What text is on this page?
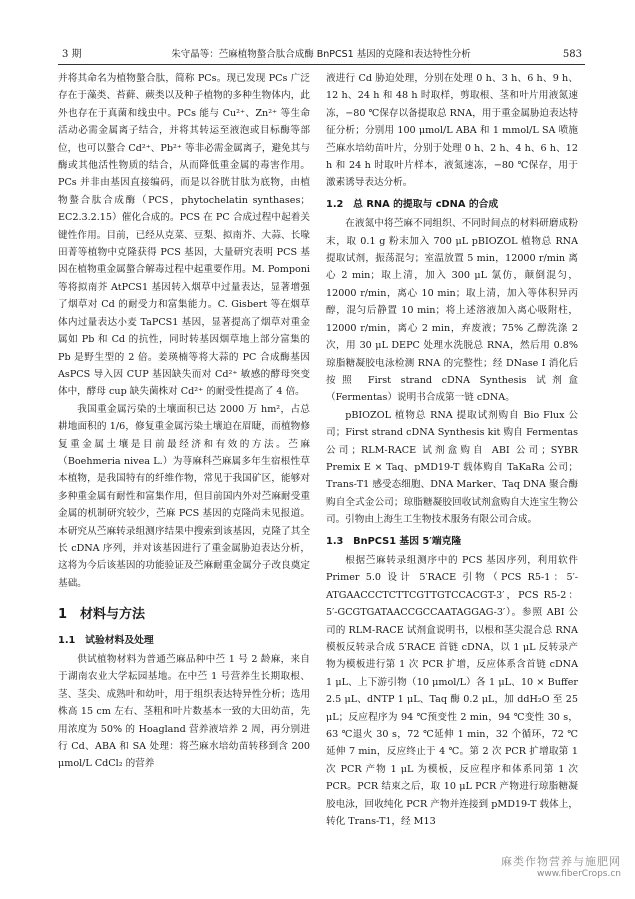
3 期	朱守晶等：苎麻植物螯合肽合成酶 BnPCS1 基因的克隆和表达特性分析	583

并将其命名为植物螯合肽，简称 PCs。现已发现 PCs 广泛存在于藻类、苔藓、蕨类以及种子植物的多种生物体内，此外也存在于真菌和线虫中。PCs 能与 Cu²⁺、Zn²⁺ 等生命活动必需金属离子结合，并将其转运至液泡或目标酶等部位，也可以螯合 Cd²⁺、Pb²⁺ 等非必需金属离子，避免其与酶或其他活性物质的结合，从而降低重金属的毒害作用。PCs 并非由基因直接编码，而是以谷胱甘肽为底物，由植物螯合肽合成酶（PCS，phytochelatin synthases；EC2.3.2.15）催化合成的。PCS 在 PC 合成过程中起着关键性作用。目前，已经从克菜、豆梨、拟南芥、大蒜、长喙田菁等植物中克隆获得 PCS 基因，大量研究表明 PCS 基因在植物重金属螯合解毒过程中起重要作用。M. Pomponi 等将拟南芥 AtPCS1 基因转入烟草中过量表达，显著增强了烟草对 Cd 的耐受力和富集能力。C. Gisbert 等在烟草体内过量表达小麦 TaPCS1 基因，显著提高了烟草对重金属如 Pb 和 Cd 的抗性，同时转基因烟草地上部分富集的 Pb 是野生型的 2 倍。姜瑛楠等将大蒜的 PC 合成酶基因 AsPCS 导入因 CUP 基因缺失而对 Cd²⁺ 敏感的酵母突变体中，酵母 cup 缺失菌株对 Cd²⁺ 的耐受性提高了 4 倍。

我国重金属污染的土壤面积已达 2000 万 hm²，占总耕地面积的 1/6，修复重金属污染土壤迫在眉睫，而植物修复重金属土壤是目前最经济和有效的方法。苎麻（Boehmeria nivea L.）为荨麻科苎麻属多年生宿根性草本植物，是我国特有的纤维作物，常见于我国矿区，能够对多种重金属有耐性和富集作用，但目前国内外对苎麻耐受重金属的机制研究较少，苎麻 PCS 基因的克隆尚未见报道。本研究从苎麻转录组测序结果中搜索到该基因，克隆了其全长 cDNA 序列，并对该基因进行了重金属胁迫表达分析，这将为今后该基因的功能验证及苎麻耐重金属分子改良奠定基础。

1　材料与方法
1.1　试验材料及处理

供试植物材料为普通苎麻品种中苎 1 号 2 龄麻，来自于湖南农业大学耘园基地。在中苎 1 号营养生长期取根、茎、茎尖、成熟叶和幼叶，用于组织表达特异性分析；选用株高 15 cm 左右、茎粗和叶片数基本一致的大田幼苗，先用浓度为 50% 的 Hoagland 营养液培养 2 周，再分别进行 Cd、ABA 和 SA 处理：将苎麻水培幼苗转移到含 200 μmol/L CdCl₂ 的营养

液进行 Cd 胁迫处理，分别在处理 0 h、3 h、6 h、9 h、12 h、24 h 和 48 h 时取样，剪取根、茎和叶片用液氮速冻，−80 ℃保存以备提取总 RNA，用于重金属胁迫表达特征分析；分别用 100 μmol/L ABA 和 1 mmol/L SA 喷施苎麻水培幼苗叶片，分别于处理 0 h、2 h、4 h、6 h、12 h 和 24 h 时取叶片样本，液氮速冻，−80 ℃保存，用于激素诱导表达分析。

1.2　总 RNA 的提取与 cDNA 的合成

在液氮中将苎麻不同组织、不同时间点的材料研磨成粉末，取 0.1 g 粉末加入 700 μL pBIOZOL 植物总 RNA 提取试剂，振荡混匀；室温放置 5 min，12000 r/min 离心 2 min；取上清，加入 300 μL 氯仿，颠倒混匀，12000 r/min，离心 10 min；取上清，加入等体积异丙醇，混匀后静置 10 min；将上述溶液加入离心吸附柱，12000 r/min，离心 2 min，弃废液；75% 乙醇洗涤 2 次，用 30 μL DEPC 处理水洗脱总 RNA，然后用 0.8% 琼脂糖凝胶电泳检测 RNA 的完整性；经 DNase I 消化后按照 First strand cDNA Synthesis 试剂盒（Fermentas）说明书合成第一链 cDNA。

pBIOZOL 植物总 RNA 提取试剂购自 Bio Flux 公司；First strand cDNA Synthesis kit 购自 Fermentas 公司；RLM-RACE 试剂盒购自 ABI 公司；SYBR Premix E × Taq、pMD19-T 载体购自 TaKaRa 公司；Trans-T1 感受态细胞、DNA Marker、Taq DNA 聚合酶购自全式金公司；琼脂糖凝胶回收试剂盒购自大连宝生物公司。引物由上海生工生物技术服务有限公司合成。

1.3　BnPCS1 基因 5′端克隆

根据苎麻转录组测序中的 PCS 基因序列，利用软件 Primer 5.0 设计 5′RACE 引物（PCS R5-1：5′-ATGAACCCTCTTCGTTGTCCACGT-3′，PCS R5-2：5′-GCGTGATAACCGCCAATAGGAG-3′）。参照 ABI 公司的 RLM-RACE 试剂盒说明书，以根和茎尖混合总 RNA 模板反转录合成 5′RACE 首链 cDNA，以 1 μL 反转录产物为模板进行第 1 次 PCR 扩增，反应体系含首链 cDNA 1 μL、上下游引物（10 μmol/L）各 1 μL、10 × Buffer 2.5 μL、dNTP 1 μL、Taq 酶 0.2 μL，加 ddH₂O 至 25 μL；反应程序为 94 ℃预变性 2 min，94 ℃变性 30 s，63 ℃退火 30 s，72 ℃延伸 1 min，32 个循环，72 ℃延伸 7 min，反应终止于 4 ℃。第 2 次 PCR 扩增取第 1 次 PCR 产物 1 μL 为模板，反应程序和体系同第 1 次 PCR。PCR 结束之后，取 10 μL PCR 产物进行琼脂糖凝胶电泳，回收纯化 PCR 产物并连接到 pMD19-T 载体上，转化 Trans-T1，经 M13

麻类作物营养与施肥网
www.fiberCrops.cn
